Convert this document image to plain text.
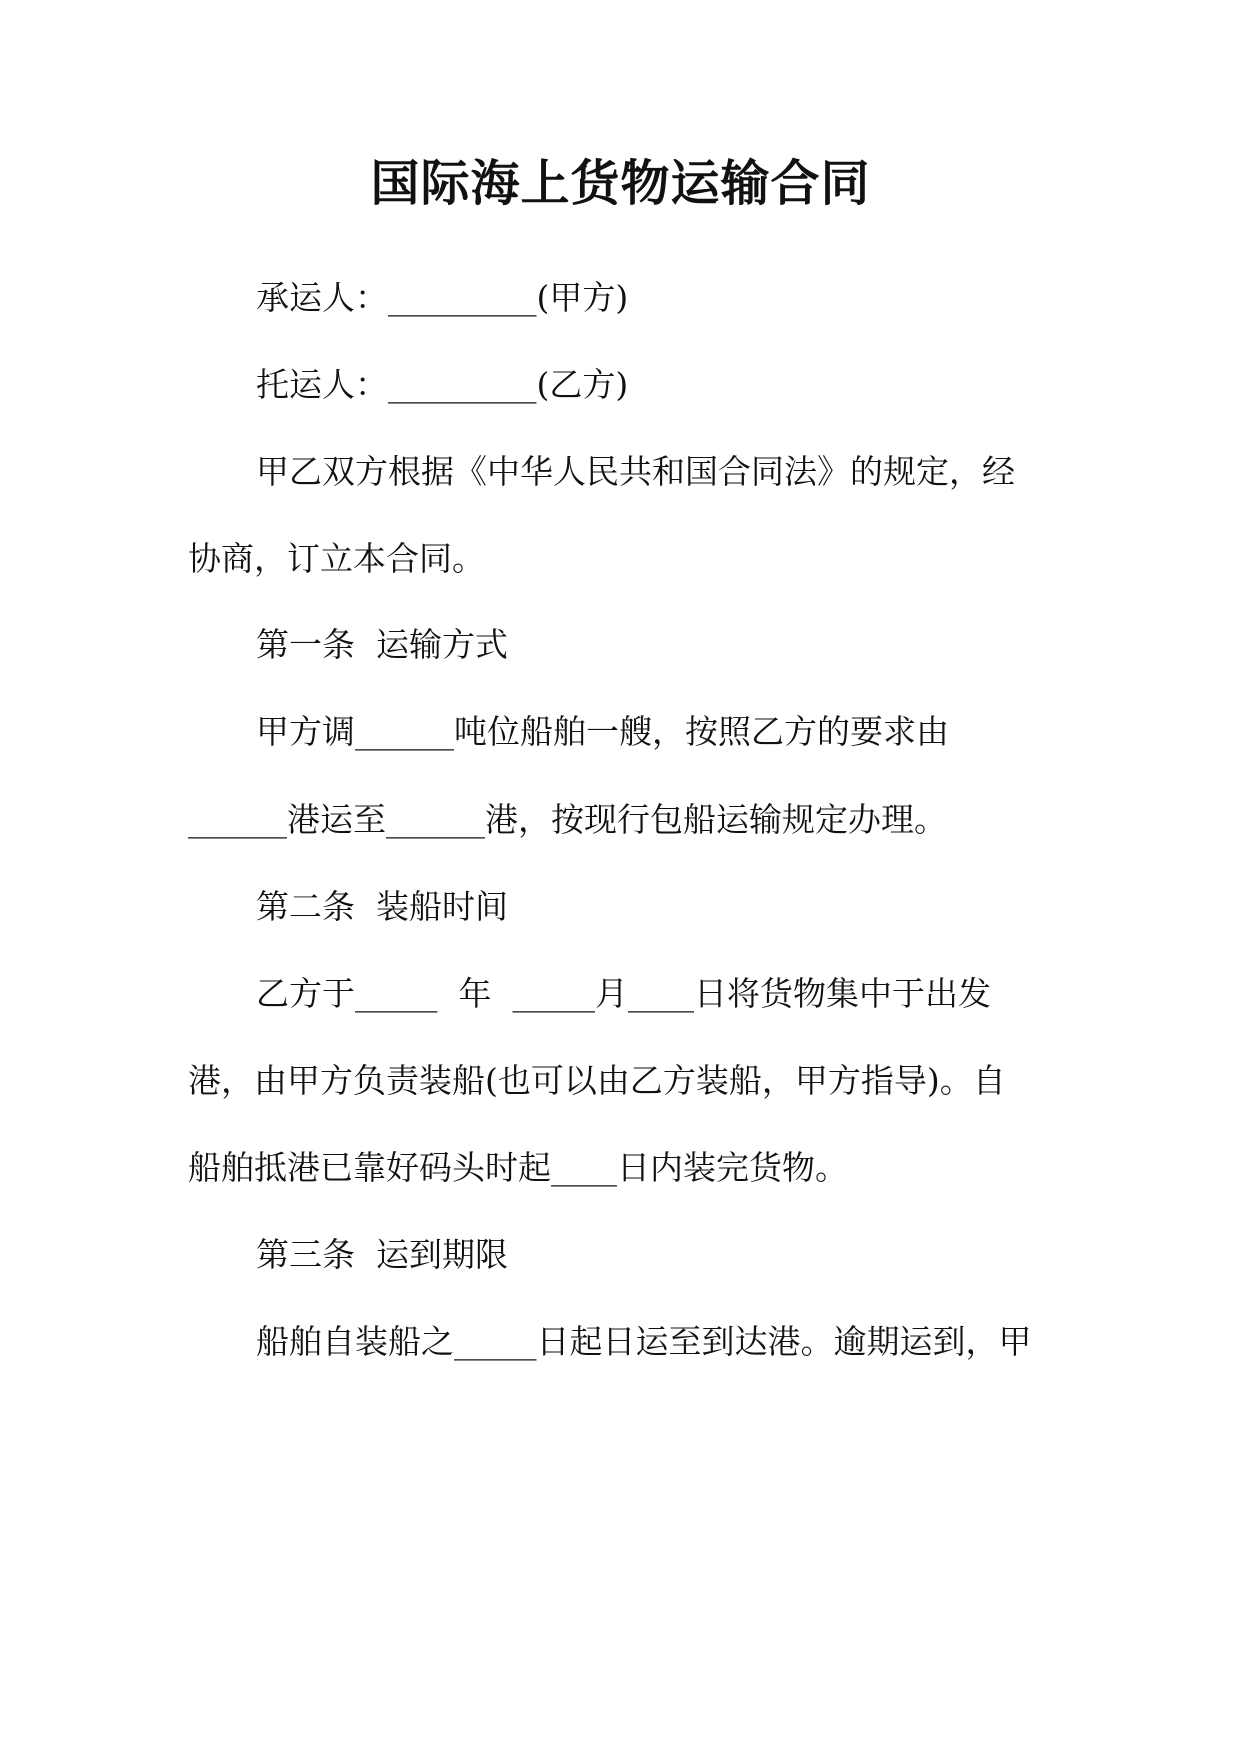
国际海上货物运输合同
承运人：_________(甲方)
托运人：_________(乙方)
甲乙双方根据《中华人民共和国合同法》的规定，经
协商，订立本合同。
第一条  运输方式
甲方调______吨位船舶一艘，按照乙方的要求由
______港运至______港，按现行包船运输规定办理。
第二条  装船时间
乙方于_____  年  _____月____日将货物集中于出发
港，由甲方负责装船(也可以由乙方装船，甲方指导)。自
船舶抵港已靠好码头时起____日内装完货物。
第三条  运到期限
船舶自装船之_____日起日运至到达港。逾期运到，甲
